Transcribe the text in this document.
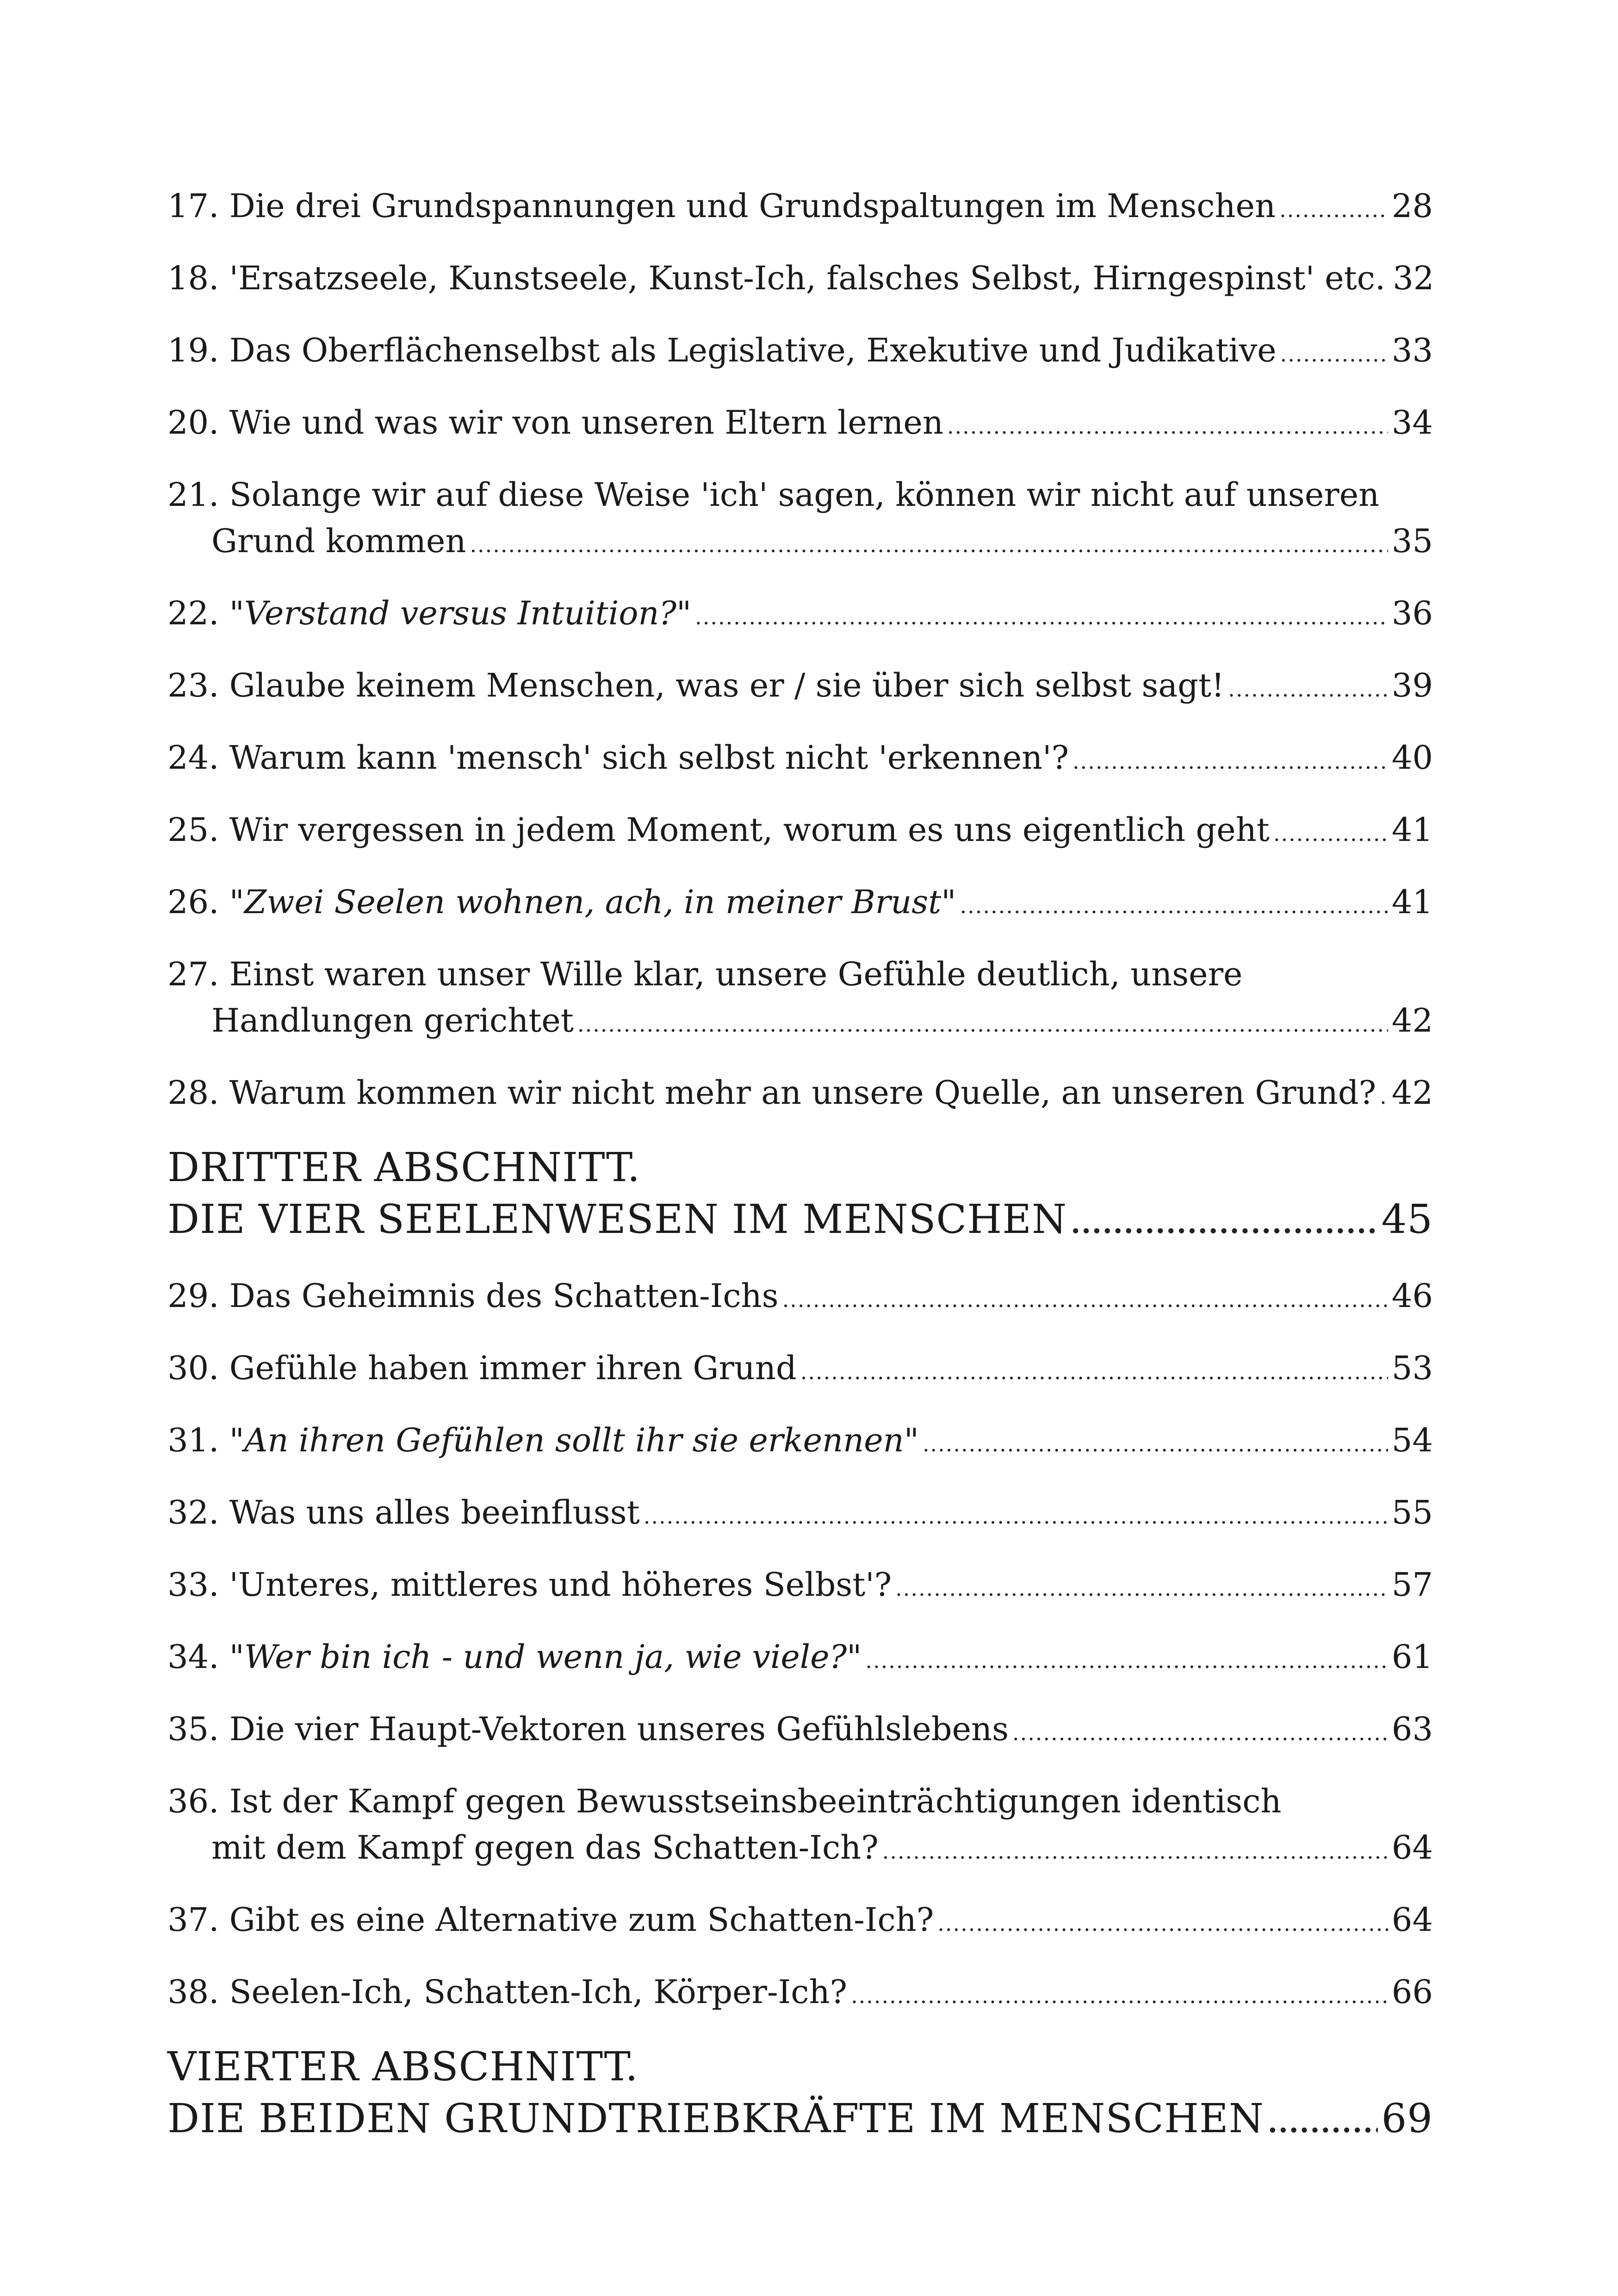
17. Die drei Grundspannungen und Grundspaltungen im Menschen .....	28
18. 'Ersatzseele, Kunstseele, Kunst-Ich, falsches Selbst, Hirngespinst' etc. 32
19. Das Oberflächenselbst als Legislative, Exekutive und Judikative .....	33
20. Wie und was wir von unseren Eltern lernen .....	34
21. Solange wir auf diese Weise 'ich' sagen, können wir nicht auf unseren
Grund kommen .....	35
22. "Verstand versus Intuition?" .....	36
23. Glaube keinem Menschen, was er / sie über sich selbst sagt! .....	39
24. Warum kann 'mensch' sich selbst nicht 'erkennen'? .....	40
25. Wir vergessen in jedem Moment, worum es uns eigentlich geht .....	41
26. "Zwei Seelen wohnen, ach, in meiner Brust" .....	41
27. Einst waren unser Wille klar, unsere Gefühle deutlich, unsere
Handlungen gerichtet .....	42
28. Warum kommen wir nicht mehr an unsere Quelle, an unseren Grund? ..... 42
DRITTER ABSCHNITT.
DIE VIER SEELENWESEN IM MENSCHEN .....	45
29. Das Geheimnis des Schatten-Ichs .....	46
30. Gefühle haben immer ihren Grund .....	53
31. "An ihren Gefühlen sollt ihr sie erkennen" .....	54
32. Was uns alles beeinflusst .....	55
33. 'Unteres, mittleres und höheres Selbst'? .....	57
34. "Wer bin ich - und wenn ja, wie viele?" .....	61
35. Die vier Haupt-Vektoren unseres Gefühlslebens .....	63
36. Ist der Kampf gegen Bewusstseinsbeeinträchtigungen identisch
mit dem Kampf gegen das Schatten-Ich? .....	64
37. Gibt es eine Alternative zum Schatten-Ich? .....	64
38. Seelen-Ich, Schatten-Ich, Körper-Ich? .....	66
VIERTER ABSCHNITT.
DIE BEIDEN GRUNDTRIEBKRÄFTE IM MENSCHEN .....	69
